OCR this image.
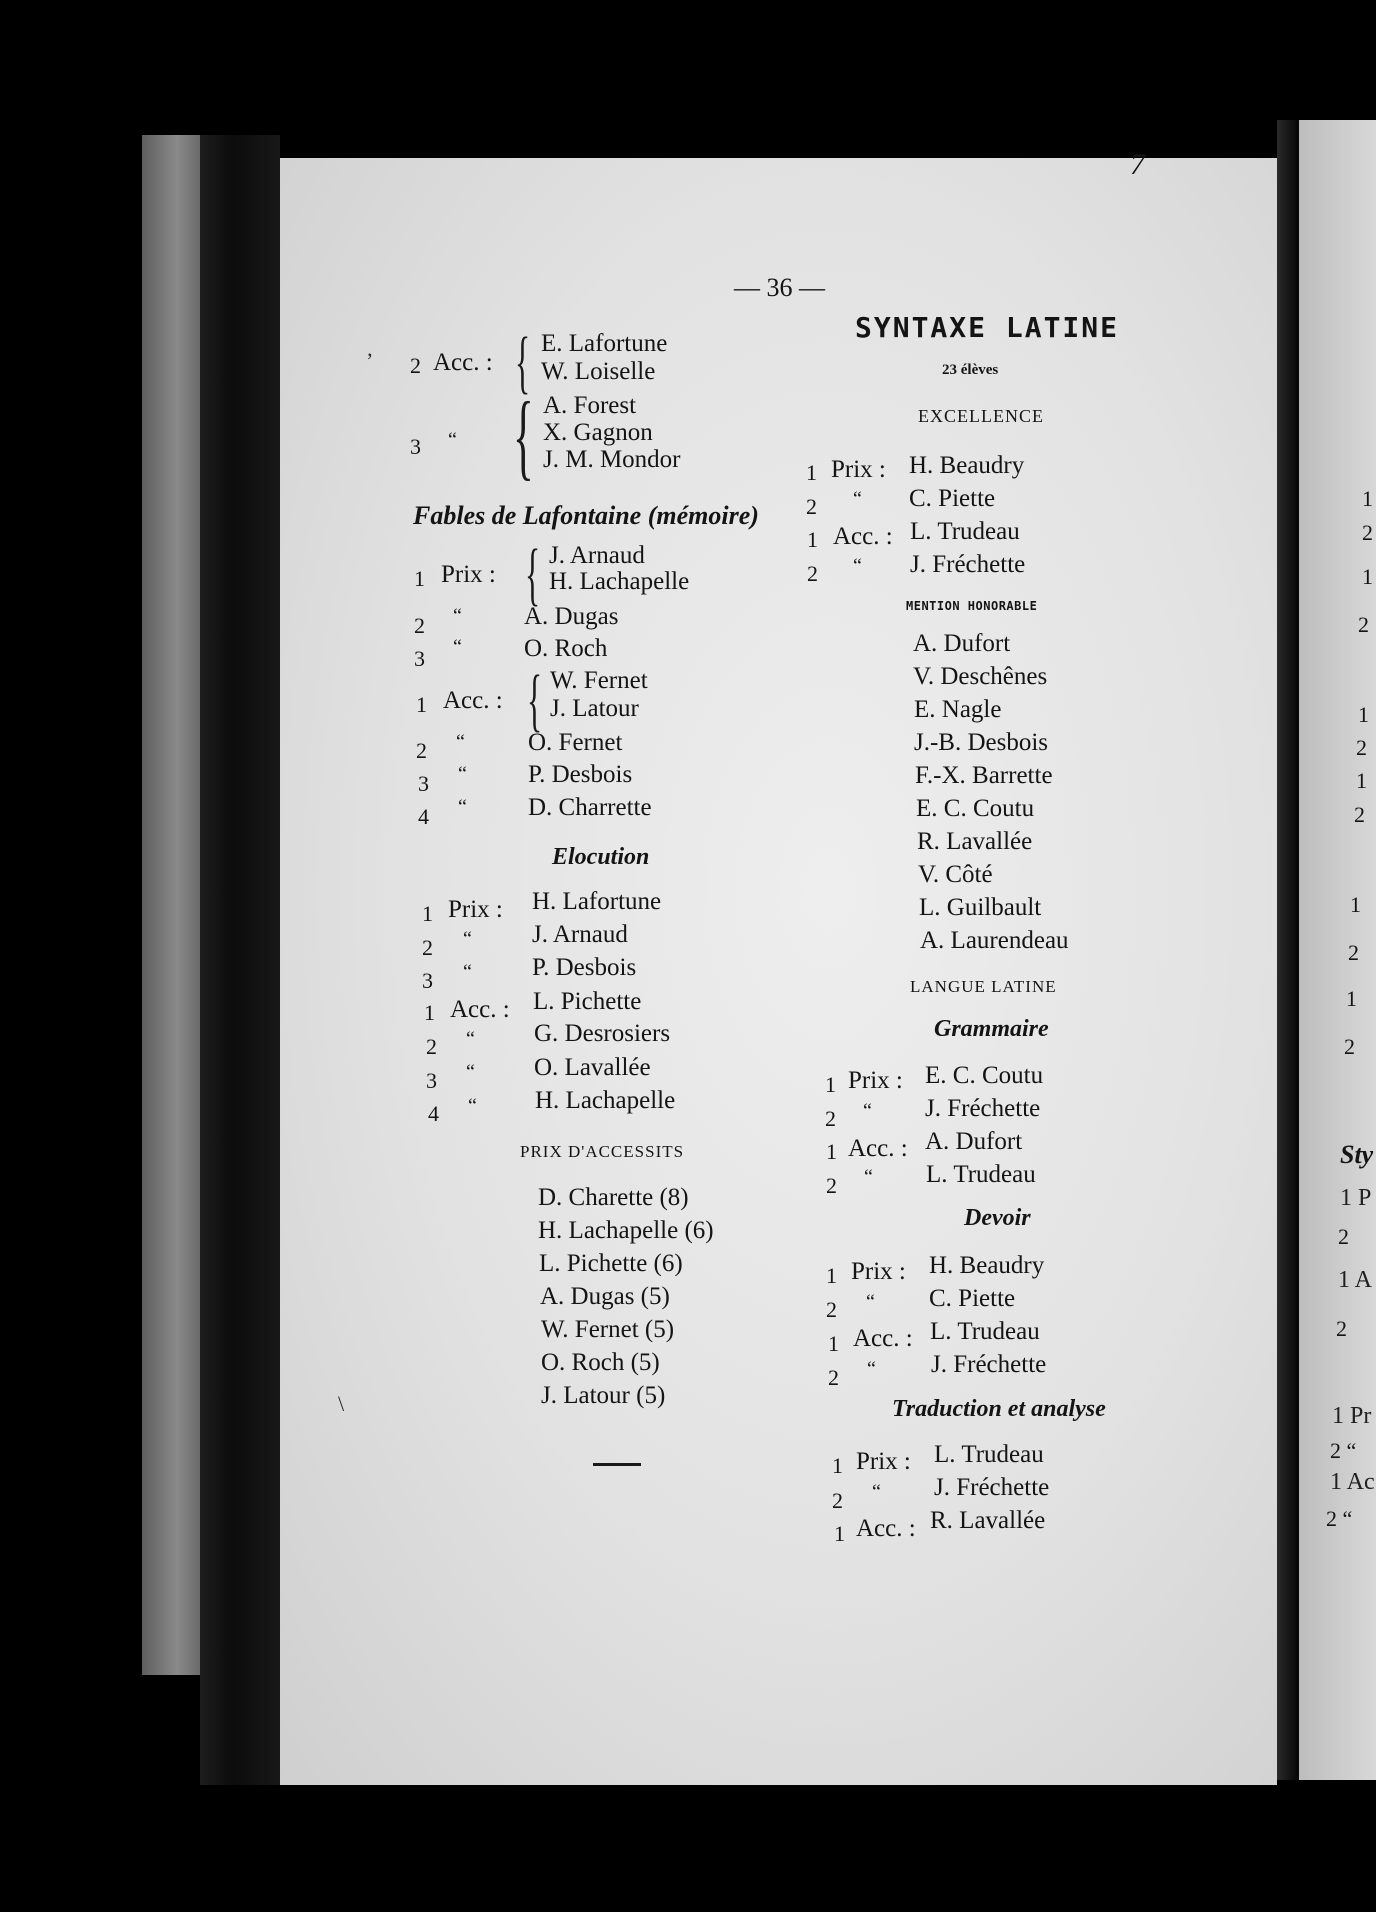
— 36 —
7
2 Acc. : { E. Lafortune
W. Loiselle
3 “ { A. Forest
X. Gagnon
J. M. Mondor
Fables de Lafontaine (mémoire)
1 Prix : { J. Arnaud
H. Lachapelle
2 “ A. Dugas
3 “ O. Roch
1 Acc. : { W. Fernet
J. Latour
2 “	O. Fernet
3 “ P. Desbois
4 “ D. Charrette
Elocution
1 Prix : H. Lafortune
2 “ J. Arnaud
3 “ P. Desbois
1 Acc. : L. Pichette
2 “ G. Desrosiers
3 “ O. Lavallée
4 “ H. Lachapelle
PRIX D'ACCESSITS
D. Charette (8)
H. Lachapelle (6)
L. Pichette (6)
A. Dugas (5)
W. Fernet (5)
O. Roch (5)
J. Latour (5)
SYNTAXE LATINE
23 élèves
EXCELLENCE
1 Prix : H. Beaudry
2 “ C. Piette
1 Acc. : L. Trudeau
2 “ J. Fréchette
MENTION HONORABLE
A. Dufort
V. Deschênes
E. Nagle
J.-B. Desbois
F.-X. Barrette
E. C. Coutu
R. Lavallée
V. Côté
L. Guilbault
A. Laurendeau
LANGUE LATINE
Grammaire
1 Prix : E. C. Coutu
2 “ J. Fréchette
1 Acc. : A. Dufort
2 “ L. Trudeau
Devoir
1 Prix : H. Beaudry
2 “ C. Piette
1 Acc. : L. Trudeau
2 “ J. Fréchette
Traduction et analyse
1 Prix : L. Trudeau
2 “ J. Fréchette
1 Acc. : R. Lavallée
1
2
1
2
1
2
1
2
1
2
1
2
Sty
1 P
2
1 A
2
1 Pr
2 “
1 Ac
2 “
’
\
